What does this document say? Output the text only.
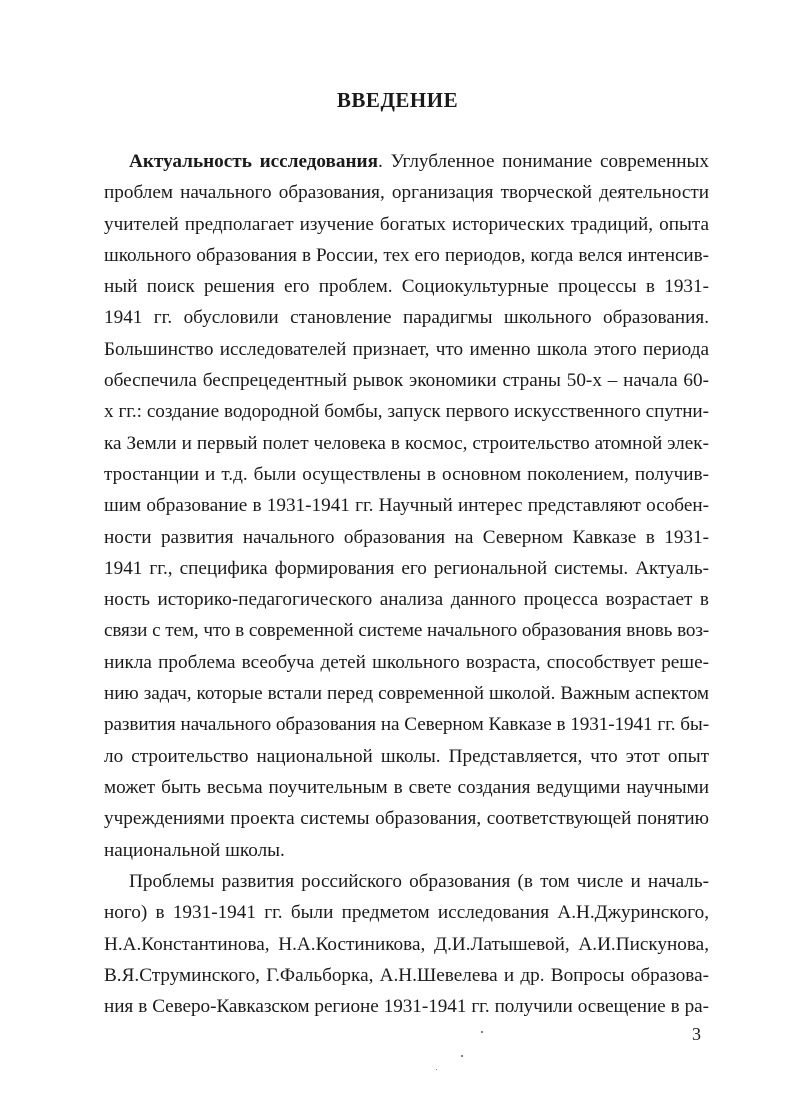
ВВЕДЕНИЕ
Актуальность исследования. Углубленное понимание современных
проблем начального образования, организация творческой деятельности
учителей предполагает изучение богатых исторических традиций, опыта
школьного образования в России, тех его периодов, когда велся интенсив-
ный поиск решения его проблем. Социокультурные процессы в 1931-
1941 гг. обусловили становление парадигмы школьного образования.
Большинство исследователей признает, что именно школа этого периода
обеспечила беспрецедентный рывок экономики страны 50-х – начала 60-
х гг.: создание водородной бомбы, запуск первого искусственного спутни-
ка Земли и первый полет человека в космос, строительство атомной элек-
тростанции и т.д. были осуществлены в основном поколением, получив-
шим образование в 1931-1941 гг. Научный интерес представляют особен-
ности развития начального образования на Северном Кавказе в 1931-
1941 гг., специфика формирования его региональной системы. Актуаль-
ность историко-педагогического анализа данного процесса возрастает в
связи с тем, что в современной системе начального образования вновь воз-
никла проблема всеобуча детей школьного возраста, способствует реше-
нию задач, которые встали перед современной школой. Важным аспектом
развития начального образования на Северном Кавказе в 1931-1941 гг. бы-
ло строительство национальной школы. Представляется, что этот опыт
может быть весьма поучительным в свете создания ведущими научными
учреждениями проекта системы образования, соответствующей понятию
национальной школы.
Проблемы развития российского образования (в том числе и началь-
ного) в 1931-1941 гг. были предметом исследования А.Н.Джуринского,
Н.А.Константинова, Н.А.Костиникова, Д.И.Латышевой, А.И.Пискунова,
В.Я.Струминского, Г.Фальборка, А.Н.Шевелева и др. Вопросы образова-
ния в Северо-Кавказском регионе 1931-1941 гг. получили освещение в ра-
3
